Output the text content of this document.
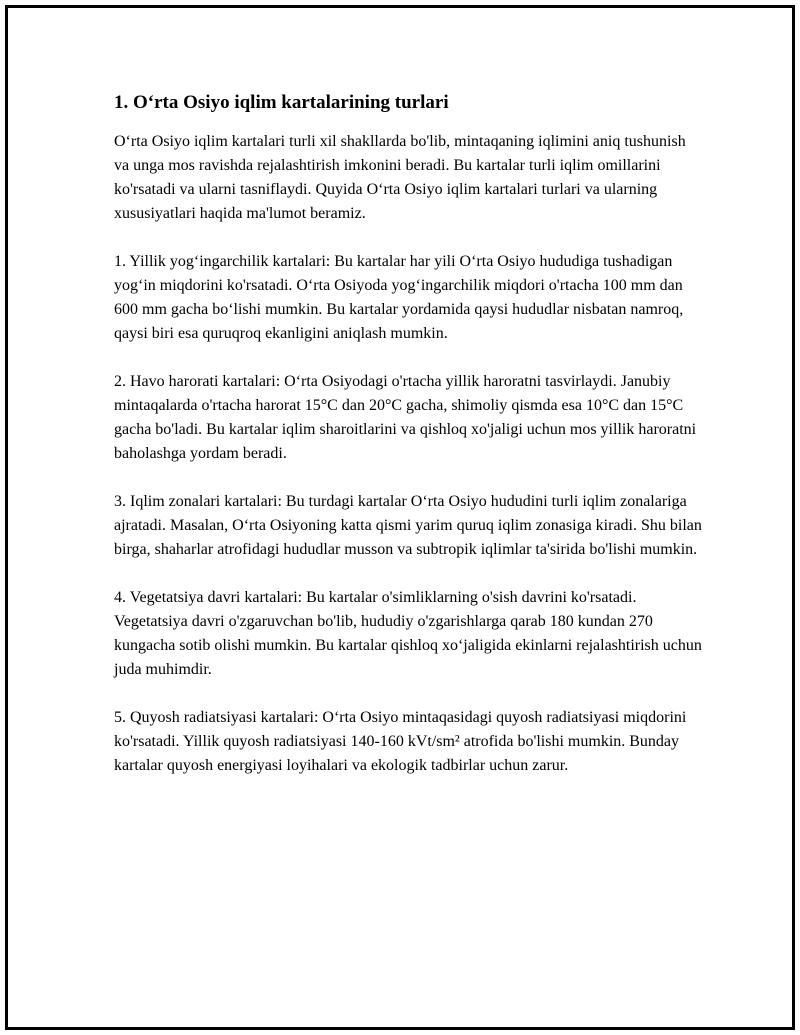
1. O‘rta Osiyo iqlim kartalarining turlari

O‘rta Osiyo iqlim kartalari turli xil shakllarda bo'lib, mintaqaning iqlimini aniq tushunish va unga mos ravishda rejalashtirish imkonini beradi. Bu kartalar turli iqlim omillarini ko'rsatadi va ularni tasniflaydi. Quyida O‘rta Osiyo iqlim kartalari turlari va ularning xususiyatlari haqida ma'lumot beramiz.

1. Yillik yog‘ingarchilik kartalari: Bu kartalar har yili O‘rta Osiyo hududiga tushadigan yog‘in miqdorini ko'rsatadi. O‘rta Osiyoda yog‘ingarchilik miqdori o'rtacha 100 mm dan 600 mm gacha bo‘lishi mumkin. Bu kartalar yordamida qaysi hududlar nisbatan namroq, qaysi biri esa quruqroq ekanligini aniqlash mumkin.

2. Havo harorati kartalari: O‘rta Osiyodagi o'rtacha yillik haroratni tasvirlaydi. Janubiy mintaqalarda o'rtacha harorat 15°C dan 20°C gacha, shimoliy qismda esa 10°C dan 15°C gacha bo'ladi. Bu kartalar iqlim sharoitlarini va qishloq xo'jaligi uchun mos yillik haroratni baholashga yordam beradi.

3. Iqlim zonalari kartalari: Bu turdagi kartalar O‘rta Osiyo hududini turli iqlim zonalariga ajratadi. Masalan, O‘rta Osiyoning katta qismi yarim quruq iqlim zonasiga kiradi. Shu bilan birga, shaharlar atrofidagi hududlar musson va subtropik iqlimlar ta'sirida bo'lishi mumkin.

4. Vegetatsiya davri kartalari: Bu kartalar o'simliklarning o'sish davrini ko'rsatadi. Vegetatsiya davri o'zgaruvchan bo'lib, hududiy o'zgarishlarga qarab 180 kundan 270 kungacha sotib olishi mumkin. Bu kartalar qishloq xo‘jaligida ekinlarni rejalashtirish uchun juda muhimdir.

5. Quyosh radiatsiyasi kartalari: O‘rta Osiyo mintaqasidagi quyosh radiatsiyasi miqdorini ko'rsatadi. Yillik quyosh radiatsiyasi 140-160 kVt/sm² atrofida bo'lishi mumkin. Bunday kartalar quyosh energiyasi loyihalari va ekologik tadbirlar uchun zarur.
